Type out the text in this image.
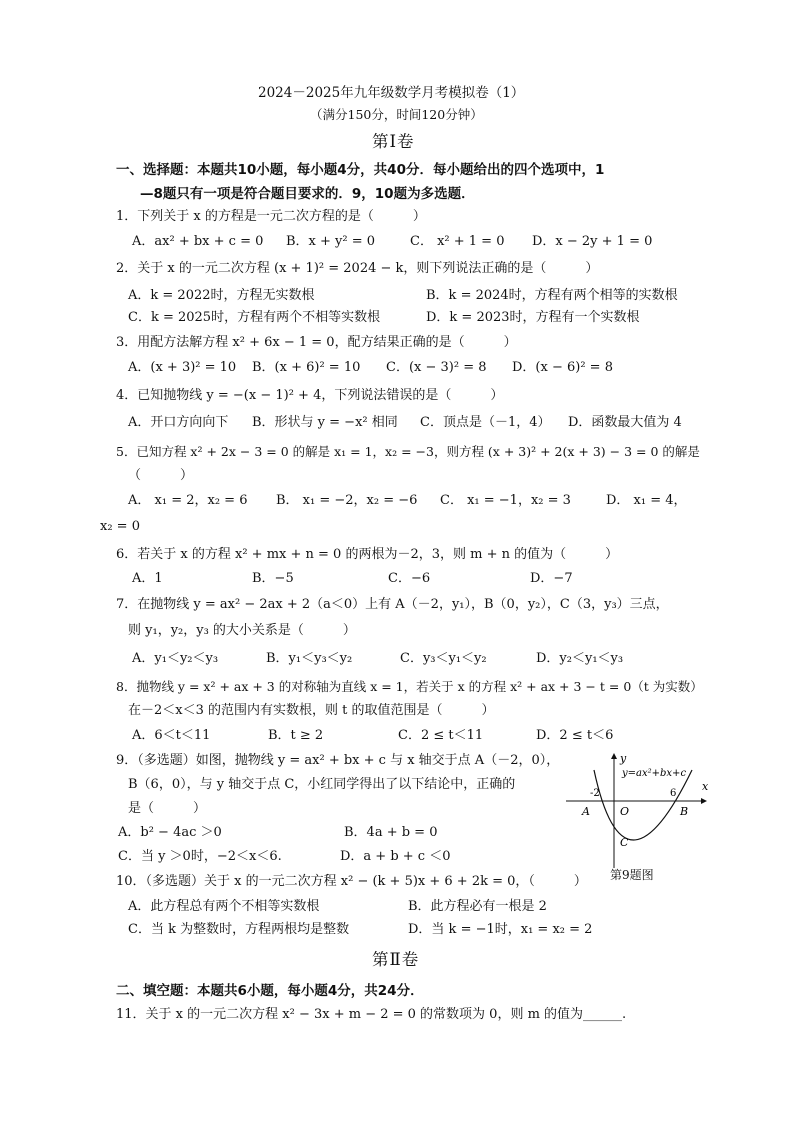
2024－2025年九年级数学月考模拟卷（1）
（满分150分，时间120分钟）
第Ⅰ卷
一、选择题：本题共10小题，每小题4分，共40分．每小题给出的四个选项中，1
—8题只有一项是符合题目要求的．9，10题为多选题．
1．下列关于 x 的方程是一元二次方程的是（　　　）
A．ax² + bx + c = 0 B．x + y² = 0	C． x² + 1 = 0 D．x − 2y + 1 = 0
2．关于 x 的一元二次方程 (x + 1)² = 2024 − k，则下列说法正确的是（　　　）
A．k = 2022时，方程无实数根	B．k = 2024时，方程有两个相等的实数根
C．k = 2025时，方程有两个不相等实数根	D．k = 2023时，方程有一个实数根
3．用配方法解方程 x² + 6x − 1 = 0，配方结果正确的是（　　　）
A．(x + 3)² = 10 B．(x + 6)² = 10 C．(x − 3)² = 8 D．(x − 6)² = 8
4．已知抛物线 y = −(x − 1)² + 4，下列说法错误的是（　　　）
A．开口方向向下 B．形状与 y = −x² 相同 C．顶点是（－1，4） D．函数最大值为 4
5．已知方程 x² + 2x − 3 = 0 的解是 x₁ = 1，x₂ = −3，则方程 (x + 3)² + 2(x + 3) − 3 = 0 的解是
（　　　）
A． x₁ = 2，x₂ = 6 B． x₁ = −2，x₂ = −6 C． x₁ = −1，x₂ = 3	D． x₁ = 4，
x₂ = 0
6．若关于 x 的方程 x² + mx + n = 0 的两根为－2，3，则 m + n 的值为（　　　）
A．1	B．−5	C．−6	D．−7
7．在抛物线 y = ax² − 2ax + 2（a＜0）上有 A（－2，y₁），B（0，y₂），C（3，y₃）三点，
则 y₁，y₂，y₃ 的大小关系是（　　　）
A．y₁＜y₂＜y₃	B．y₁＜y₃＜y₂	C．y₃＜y₁＜y₂	D．y₂＜y₁＜y₃
8．抛物线 y = x² + ax + 3 的对称轴为直线 x = 1，若关于 x 的方程 x² + ax + 3 − t = 0（t 为实数）
在－2＜x＜3 的范围内有实数根，则 t 的取值范围是（　　　）
A．6＜t＜11	B．t ≥ 2	C．2 ≤ t＜11	D．2 ≤ t＜6
9．（多选题）如图，抛物线 y = ax² + bx + c 与 x 轴交于点 A（－2，0），
B（6，0），与 y 轴交于点 C，小红同学得出了以下结论中，正确的
是（　　　）
A．b² − 4ac ＞0	B．4a + b = 0
C．当 y ＞0时，−2＜x＜6.	D．a + b + c ＜0
y
y=ax²+bx+c
x
-2	6
A	O	B
C
第9题图
10．（多选题）关于 x 的一元二次方程 x² − (k + 5)x + 6 + 2k = 0，（　　　）
A．此方程总有两个不相等实数根	B．此方程必有一根是 2
C．当 k 为整数时，方程两根均是整数	D．当 k = −1时，x₁ = x₂ = 2
第Ⅱ卷
二、填空题：本题共6小题，每小题4分，共24分．
11．关于 x 的一元二次方程 x² − 3x + m − 2 = 0 的常数项为 0，则 m 的值为______.
